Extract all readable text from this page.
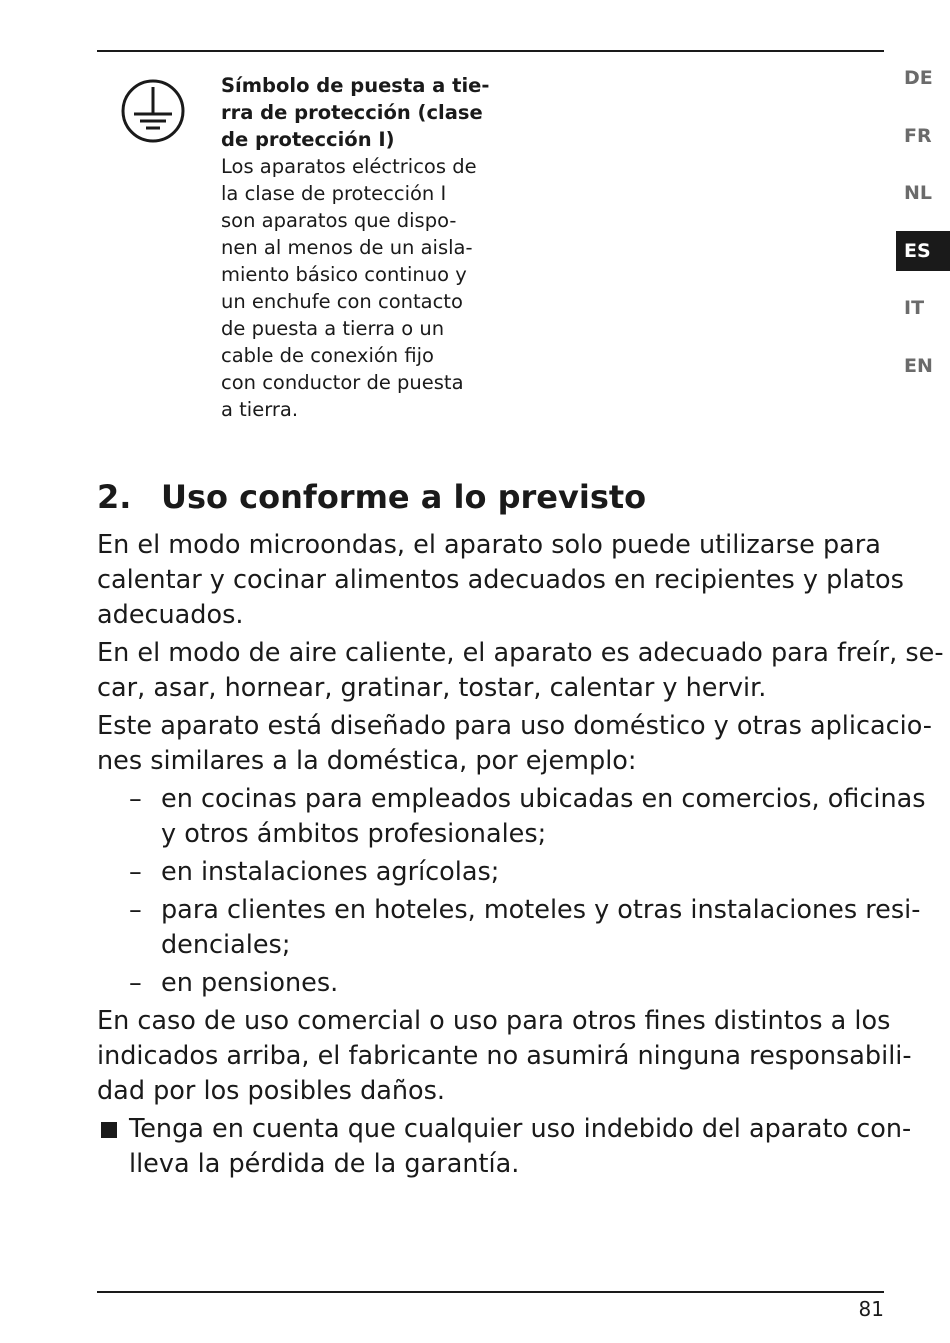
Símbolo de puesta a tie-
rra de protección (clase
de protección I)
Los aparatos eléctricos de
la clase de protección I
son aparatos que dispo-
nen al menos de un aisla-
miento básico continuo y
un enchufe con contacto
de puesta a tierra o un
cable de conexión fijo
con conductor de puesta
a tierra.
DE
FR
NL
ES
IT
EN
2. Uso conforme a lo previsto

En el modo microondas, el aparato solo puede utilizarse para
calentar y cocinar alimentos adecuados en recipientes y platos
adecuados.

En el modo de aire caliente, el aparato es adecuado para freír, se-
car, asar, hornear, gratinar, tostar, calentar y hervir.

Este aparato está diseñado para uso doméstico y otras aplicacio-
nes similares a la doméstica, por ejemplo:

– en cocinas para empleados ubicadas en comercios, oficinas
y otros ámbitos profesionales;
– en instalaciones agrícolas;
– para clientes en hoteles, moteles y otras instalaciones resi-
denciales;
– en pensiones.

En caso de uso comercial o uso para otros fines distintos a los
indicados arriba, el fabricante no asumirá ninguna responsabili-
dad por los posibles daños.

Tenga en cuenta que cualquier uso indebido del aparato con-
lleva la pérdida de la garantía.
81
